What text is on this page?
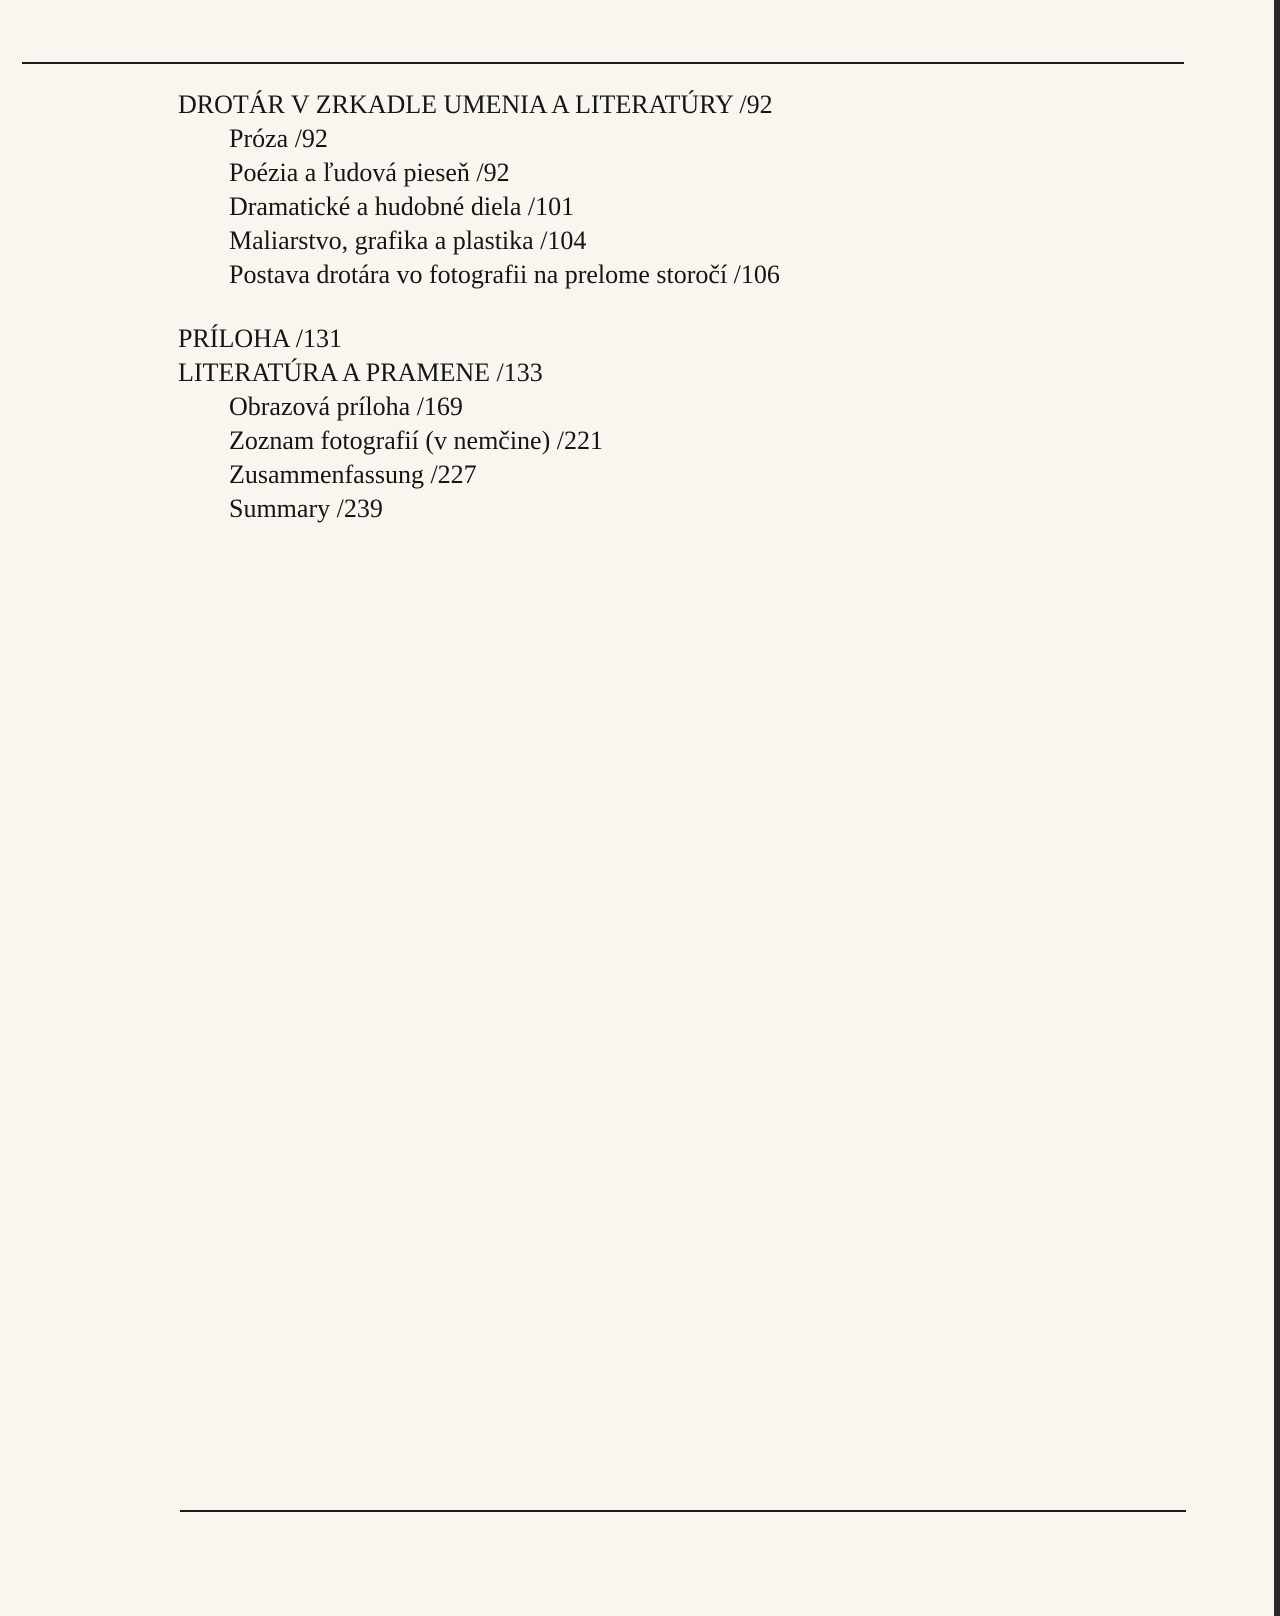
DROTÁR V ZRKADLE UMENIA A LITERATÚRY /92

Próza /92

Poézia a ľudová pieseň /92

Dramatické a hudobné diela /101

Maliarstvo, grafika a plastika /104

Postava drotára vo fotografii na prelome storočí /106

PRÍLOHA /131

LITERATÚRA A PRAMENE /133

Obrazová príloha /169

Zoznam fotografií (v nemčine) /221

Zusammenfassung /227

Summary /239
